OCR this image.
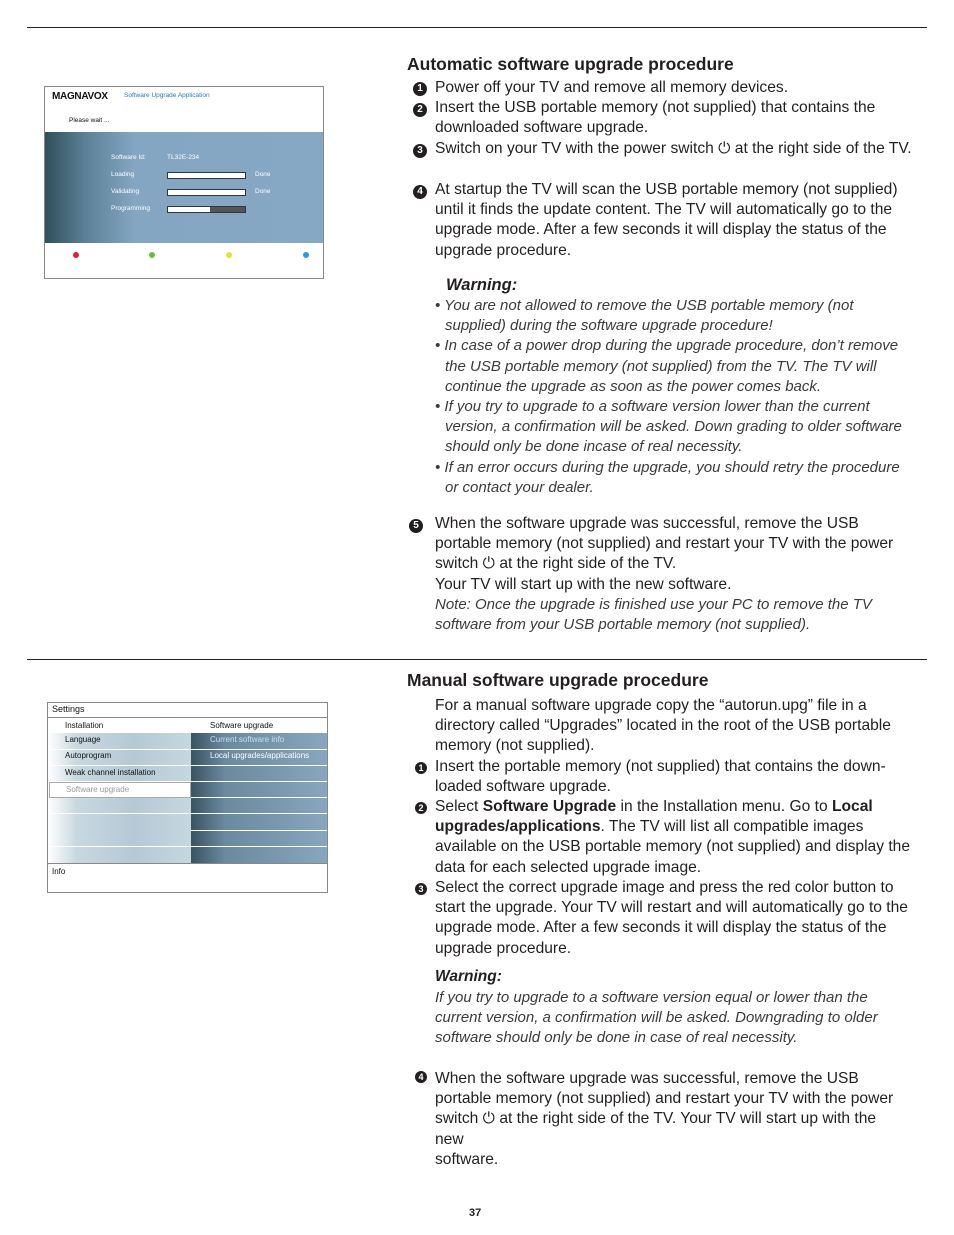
MAGNAVOX	Software Upgrade Application
Please wait ...
Software Id:	TL32E-234
Loading	Done
Validating	Done
Programming
Automatic software upgrade procedure
1 Power off your TV and remove all memory devices.
2 Insert the USB portable memory (not supplied) that contains the downloaded software upgrade.
3 Switch on your TV with the power switch ⏻ at the right side of the TV.
4 At startup the TV will scan the USB portable memory (not supplied) until it finds the update content. The TV will automatically go to the upgrade mode. After a few seconds it will display the status of the upgrade procedure.
Warning:

• You are not allowed to remove the USB portable memory (not supplied) during the software upgrade procedure!

• In case of a power drop during the upgrade procedure, don’t remove the USB portable memory (not supplied) from the TV. The TV will continue the upgrade as soon as the power comes back.

• If you try to upgrade to a software version lower than the current version, a confirmation will be asked. Down grading to older software should only be done incase of real necessity.

• If an error occurs during the upgrade, you should retry the procedure or contact your dealer.

5 When the software upgrade was successful, remove the USB portable memory (not supplied) and restart your TV with the power switch ⏻ at the right side of the TV.

Your TV will start up with the new software.

Note: Once the upgrade is finished use your PC to remove the TV software from your USB portable memory (not supplied).

Manual software upgrade procedure
For a manual software upgrade copy the “autorun.upg” file in a directory called “Upgrades” located in the root of the USB portable memory (not supplied).
1 Insert the portable memory (not supplied) that contains the down-loaded software upgrade.
2 Select Software Upgrade in the Installation menu. Go to Local upgrades/applications. The TV will list all compatible images available on the USB portable memory (not supplied) and display the data for each selected upgrade image.
3 Select the correct upgrade image and press the red color button to start the upgrade. Your TV will restart and will automatically go to the upgrade mode. After a few seconds it will display the status of the upgrade procedure.
Warning:
If you try to upgrade to a software version equal or lower than the current version, a confirmation will be asked. Downgrading to older software should only be done in case of real necessity.
4 When the software upgrade was successful, remove the USB portable memory (not supplied) and restart your TV with the power switch ⏻ at the right side of the TV. Your TV will start up with the new

software.

Settings
Installation	Software upgrade
Language
Autoprogram
Weak channel installation
Software upgrade
Current software info
Local upgrades/applications
Info
37
